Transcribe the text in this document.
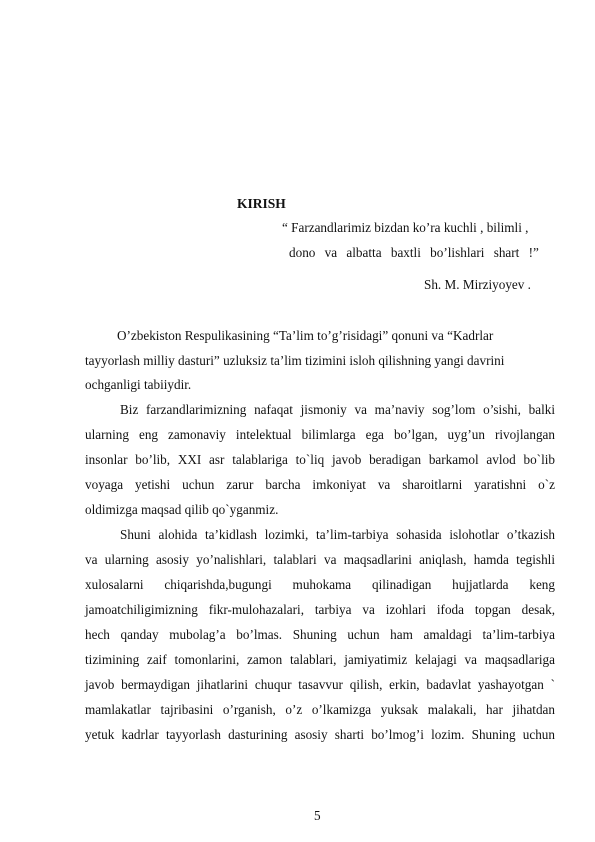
KIRISH
“ Farzandlarimiz bizdan ko’ra kuchli , bilimli ,
dono va albatta baxtli bo’lishlari shart !”
Sh. M. Mirziyoyev .
O’zbekiston Respulikasining “Ta’lim to’g’risidagi” qonuni va “Kadrlar
tayyorlash milliy dasturi” uzluksiz ta’lim tizimini isloh qilishning yangi davrini
ochganligi tabiiydir.
Biz farzandlarimizning nafaqat jismoniy va ma’naviy sog’lom o’sishi, balki
ularning eng zamonaviy intelektual bilimlarga ega bo’lgan, uyg’un rivojlangan
insonlar bo’lib, XXI asr talablariga to`liq javob beradigan barkamol avlod bo`lib
voyaga yetishi uchun zarur barcha imkoniyat va sharoitlarni yaratishni o`z
oldimizga maqsad qilib qo`yganmiz.
Shuni alohida ta’kidlash lozimki, ta’lim-tarbiya sohasida islohotlar o’tkazish
va ularning asosiy yo’nalishlari, talablari va maqsadlarini aniqlash, hamda tegishli
xulosalarni chiqarishda,bugungi muhokama qilinadigan hujjatlarda keng
jamoatchiligimizning fikr-mulohazalari, tarbiya va izohlari ifoda topgan desak,
hech qanday mubolag’a bo’lmas. Shuning uchun ham amaldagi ta’lim-tarbiya
tizimining zaif tomonlarini, zamon talablari, jamiyatimiz kelajagi va maqsadlariga
javob bermaydigan jihatlarini chuqur tasavvur qilish, erkin, badavlat yashayotgan `
mamlakatlar tajribasini o’rganish, o’z o’lkamizga yuksak malakali, har jihatdan
yetuk kadrlar tayyorlash dasturining asosiy sharti bo’lmog’i lozim. Shuning uchun
5
